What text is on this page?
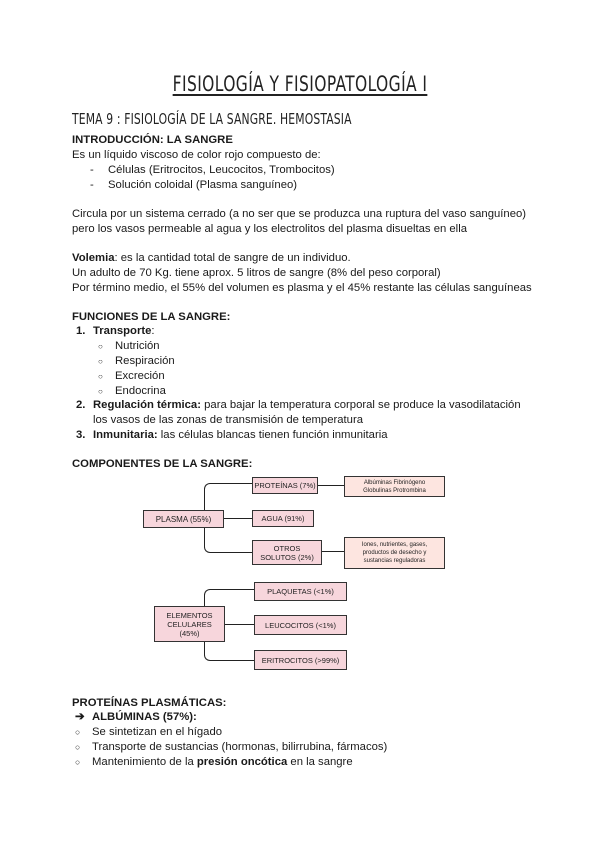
FISIOLOGÍA Y FISIOPATOLOGÍA I
TEMA 9 : FISIOLOGÍA DE LA SANGRE. HEMOSTASIA
INTRODUCCIÓN: LA SANGRE
Es un líquido viscoso de color rojo compuesto de:
- Células (Eritrocitos, Leucocitos, Trombocitos)
- Solución coloidal (Plasma sanguíneo)
Circula por un sistema cerrado (a no ser que se produzca una ruptura del vaso sanguíneo)
pero los vasos permeable al agua y los electrolitos del plasma disueltas en ella
Volemia: es la cantidad total de sangre de un individuo.
Un adulto de 70 Kg. tiene aprox. 5 litros de sangre (8% del peso corporal)
Por término medio, el 55% del volumen es plasma y el 45% restante las células sanguíneas
FUNCIONES DE LA SANGRE:
1. Transporte:
○ Nutrición
○ Respiración
○ Excreción
○ Endocrina
2. Regulación térmica: para bajar la temperatura corporal se produce la vasodilatación
los vasos de las zonas de transmisión de temperatura
3. Inmunitaria: las células blancas tienen función inmunitaria
COMPONENTES DE LA SANGRE:
PLASMA (55%)
PROTEÍNAS (7%)	Albúminas Fibrinógeno
Globulinas Protrombina
AGUA (91%)
OTROS SOLUTOS (2%)
Iones, nutrientes, gases, productos de desecho y sustancias reguladoras
ELEMENTOS CELULARES (45%)
PLAQUETAS (<1%)
LEUCOCITOS (<1%)
ERITROCITOS (>99%)
PROTEÍNAS PLASMÁTICAS:
➔ ALBÚMINAS (57%):
○ Se sintetizan en el hígado
○ Transporte de sustancias (hormonas, bilirrubina, fármacos)
○ Mantenimiento de la presión oncótica en la sangre
